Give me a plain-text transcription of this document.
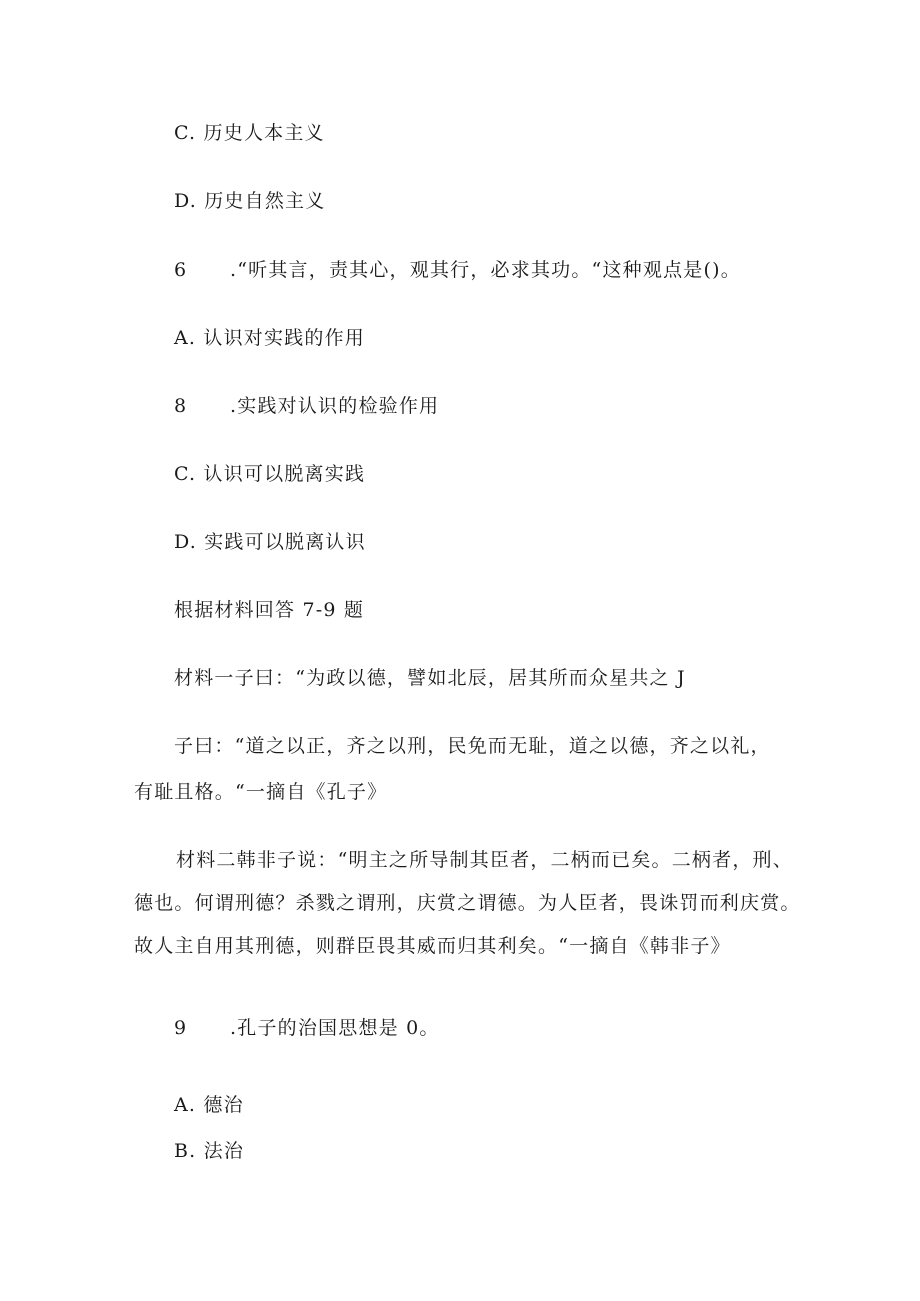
C. 历史人本主义
D. 历史自然主义
6 .“听其言，责其心，观其行，必求其功。“这种观点是()。
A. 认识对实践的作用
8 .实践对认识的检验作用
C. 认识可以脱离实践
D. 实践可以脱离认识
根据材料回答 7-9 题
材料一子曰：“为政以德，譬如北辰，居其所而众星共之 J
子曰：“道之以正，齐之以刑，民免而无耻，道之以德，齐之以礼，
有耻且格。“一摘自《孔子》
材料二韩非子说：“明主之所导制其臣者，二柄而已矣。二柄者，刑、德也。何谓刑德？杀戮之谓刑，庆赏之谓德。为人臣者，畏诛罚而利庆赏。故人主自用其刑德，则群臣畏其威而归其利矣。“一摘自《韩非子》
9 .孔子的治国思想是 0。
A. 德治
B. 法治
